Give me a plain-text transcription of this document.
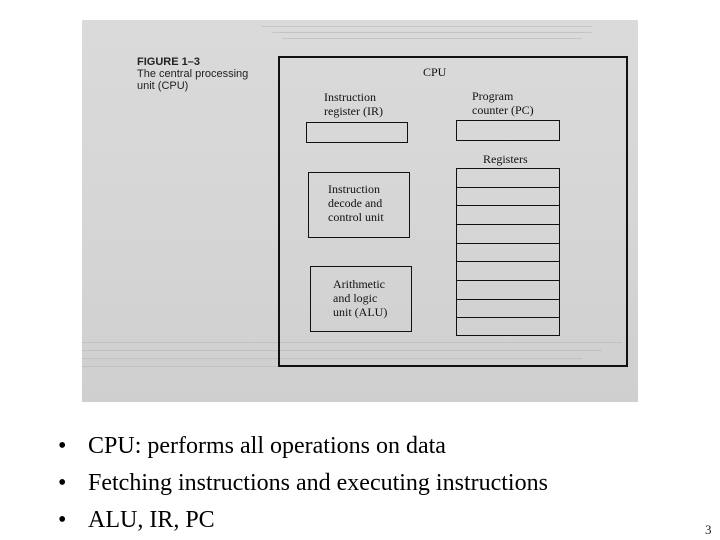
FIGURE 1–3
The central processing
unit (CPU)
CPU
Instruction
register (IR)
Program
counter (PC)
Registers
Instruction
decode and
control unit
Arithmetic
and logic
unit (ALU)
• CPU: performs all operations on data
• Fetching instructions and executing instructions
• ALU, IR, PC	3
